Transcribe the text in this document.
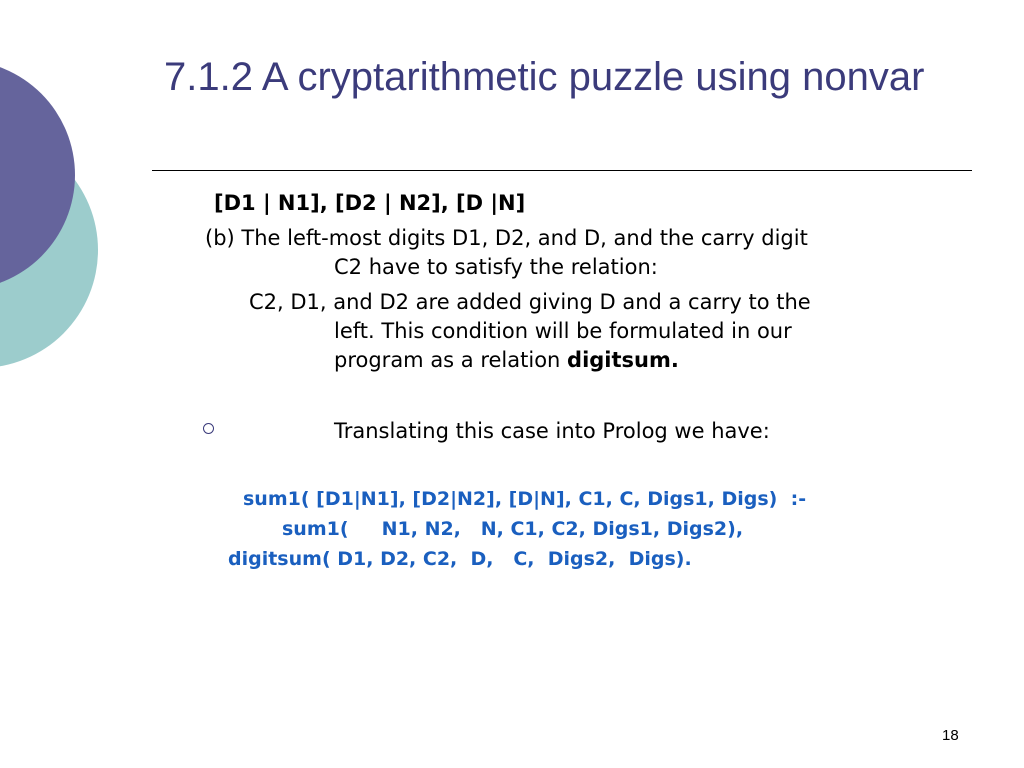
7.1.2 A cryptarithmetic puzzle using nonvar

[D1 | N1], [D2 | N2], [D |N]

(b) The left-most digits D1, D2, and D, and the carry digit

C2 have to satisfy the relation:

C2, D1, and D2 are added giving D and a carry to the

left. This condition will be formulated in our

program as a relation digitsum.

Translating this case into Prolog we have:

sum1( [D1|N1], [D2|N2], [D|N], C1, C, Digs1, Digs)  :-

sum1(     N1, N2,   N, C1, C2, Digs1, Digs2),

digitsum( D1, D2, C2,  D,   C,  Digs2,  Digs).

18
